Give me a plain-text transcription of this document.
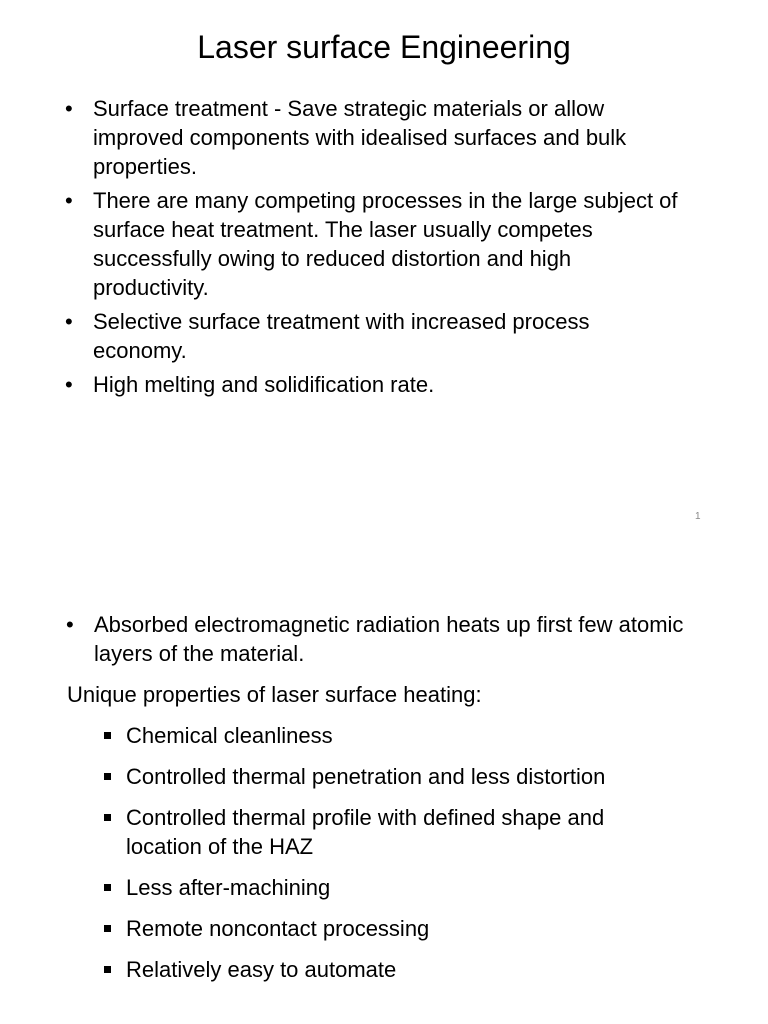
Laser surface Engineering
• Surface treatment - Save strategic materials or allow improved components with idealised surfaces and bulk properties.
• There are many competing processes in the large subject of surface heat treatment. The laser usually competes successfully owing to reduced distortion and high productivity.
• Selective surface treatment with increased process economy.
• High melting and solidification rate.
1
• Absorbed electromagnetic radiation heats up first few atomic layers of the material.
Unique properties of laser surface heating:
Chemical cleanliness
Controlled thermal penetration and less distortion
Controlled thermal profile with defined shape and location of the HAZ
Less after-machining
Remote noncontact processing
Relatively easy to automate
